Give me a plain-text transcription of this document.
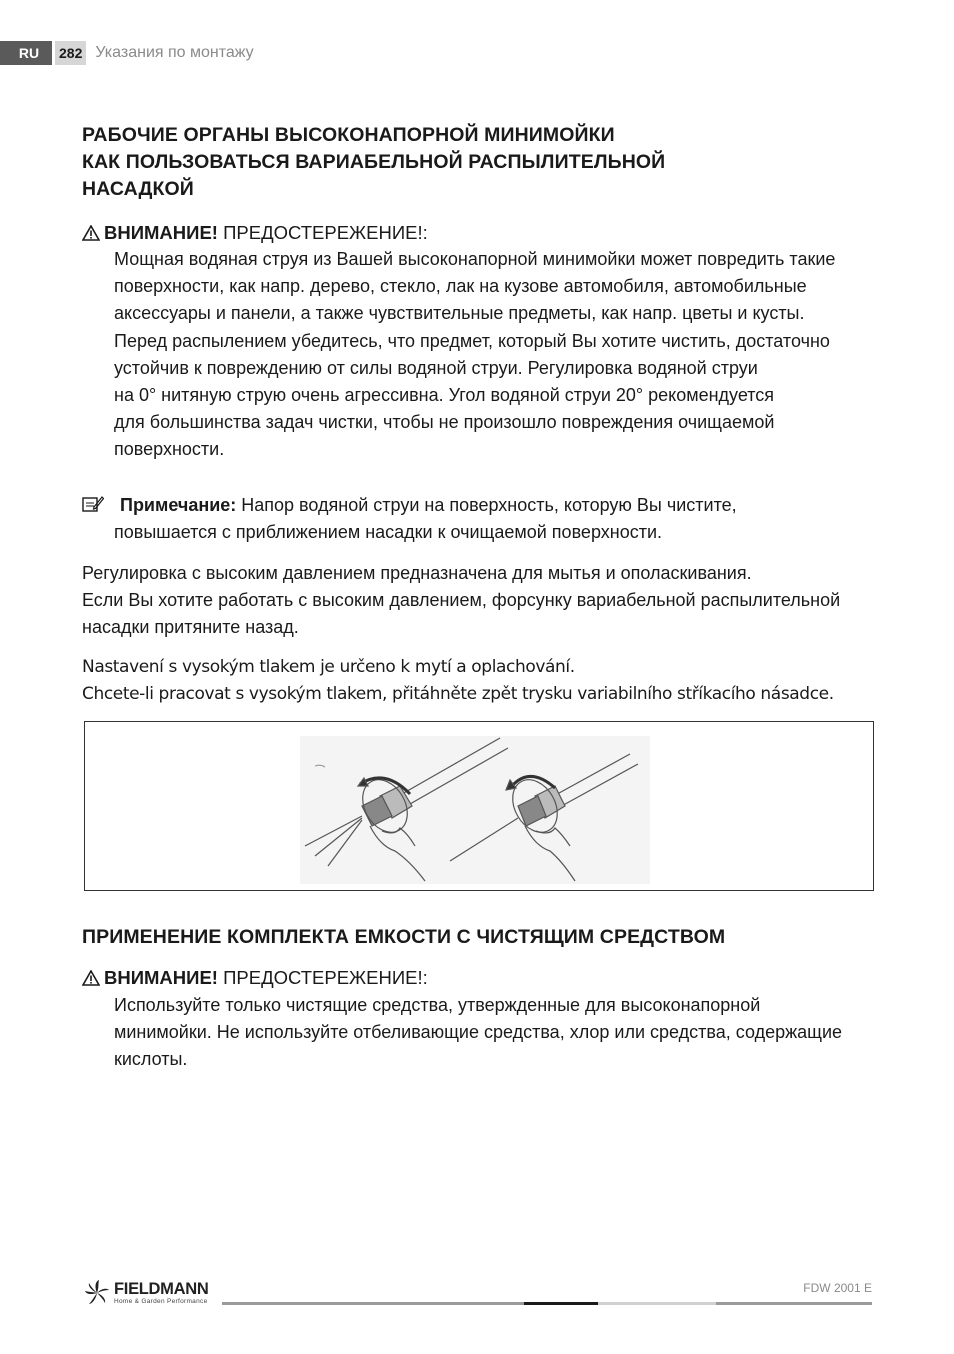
RU	282 Указания по монтажу
РАБОЧИЕ ОРГАНЫ ВЫСОКОНАПОРНОЙ МИНИМОЙКИ
КАК ПОЛЬЗОВАТЬСЯ ВАРИАБЕЛЬНОЙ РАСПЫЛИТЕЛЬНОЙ
НАСАДКОЙ
ВНИМАНИЕ! ПРЕДОСТЕРЕЖЕНИЕ!:
Мощная водяная струя из Вашей высоконапорной минимойки может повредить такие
поверхности, как напр. дерево, стекло, лак на кузове автомобиля, автомобильные
аксессуары и панели, а также чувствительные предметы, как напр. цветы и кусты.
Перед распылением убедитесь, что предмет, который Вы хотите чистить, достаточно
устойчив к повреждению от силы водяной струи. Регулировка водяной струи
на 0° нитяную струю очень агрессивна. Угол водяной струи 20° рекомендуется
для большинства задач чистки, чтобы не произошло повреждения очищаемой
поверхности.
Примечание: Напор водяной струи на поверхность, которую Вы чистите,
повышается с приближением насадки к очищаемой поверхности.
Регулировка с высоким давлением предназначена для мытья и ополаскивания.
Если Вы хотите работать с высоким давлением, форсунку вариабельной распылительной
насадки притяните назад.
Nastavení s vysokým tlakem je určeno k mytí a oplachování.
Chcete-li pracovat s vysokým tlakem, přitáhněte zpět trysku variabilního stříkacího násadce.
ПРИМЕНЕНИЕ КОМПЛЕКТА ЕМКОСТИ С ЧИСТЯЩИМ СРЕДСТВОМ
ВНИМАНИЕ! ПРЕДОСТЕРЕЖЕНИЕ!:
Используйте только чистящие средства, утвержденные для высоконапорной
минимойки. Не используйте отбеливающие средства, хлор или средства, содержащие
кислоты.
FIELDMANN
Home & Garden Performance
FDW 2001 E
